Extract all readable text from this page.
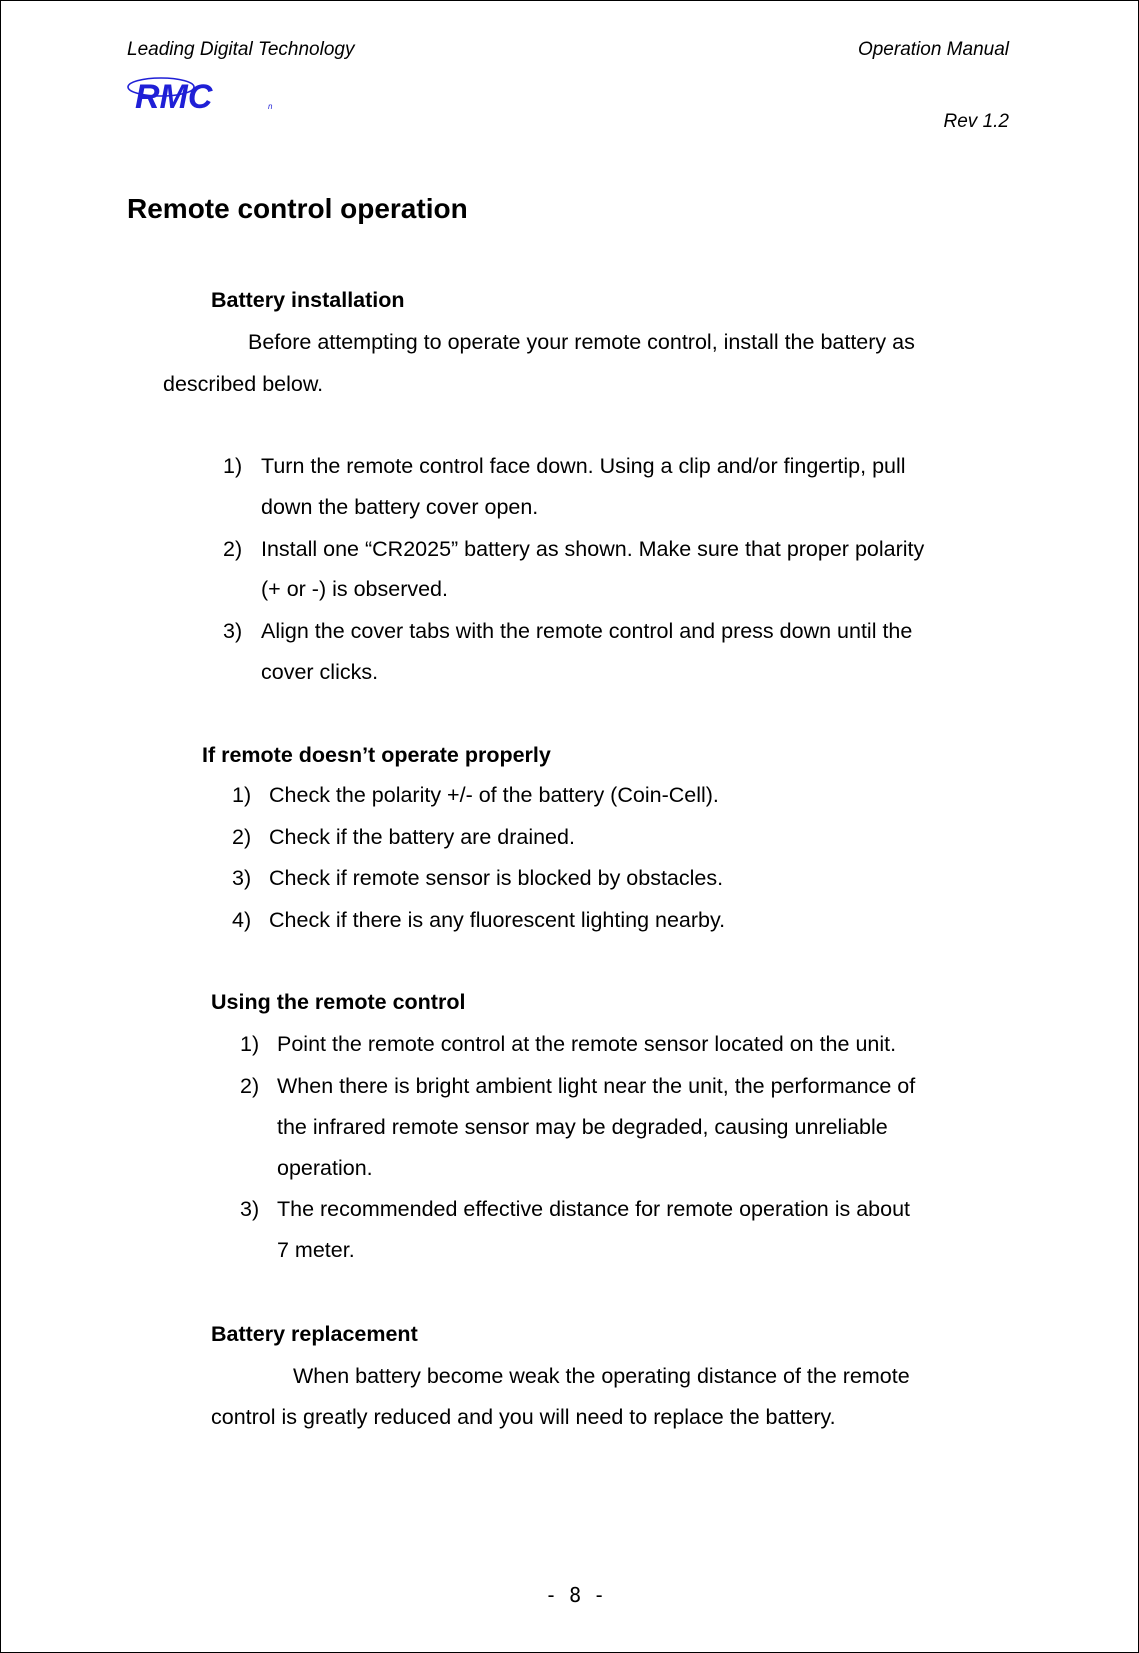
Leading Digital Technology	Operation Manual
RMC	n
Rev 1.2
Remote control operation
Battery installation
Before attempting to operate your remote control, install the battery as
described below.
1) Turn the remote control face down. Using a clip and/or fingertip, pull
down the battery cover open.
2) Install one “CR2025” battery as shown. Make sure that proper polarity
(+ or -) is observed.
3) Align the cover tabs with the remote control and press down until the
cover clicks.
If remote doesn’t operate properly
1) Check the polarity +/- of the battery (Coin-Cell).
2) Check if the battery are drained.
3) Check if remote sensor is blocked by obstacles.
4) Check if there is any fluorescent lighting nearby.
Using the remote control
1) Point the remote control at the remote sensor located on the unit.
2) When there is bright ambient light near the unit, the performance of
the infrared remote sensor may be degraded, causing unreliable
operation.
3) The recommended effective distance for remote operation is about
7 meter.
Battery replacement
When battery become weak the operating distance of the remote
control is greatly reduced and you will need to replace the battery.
- 8 -
